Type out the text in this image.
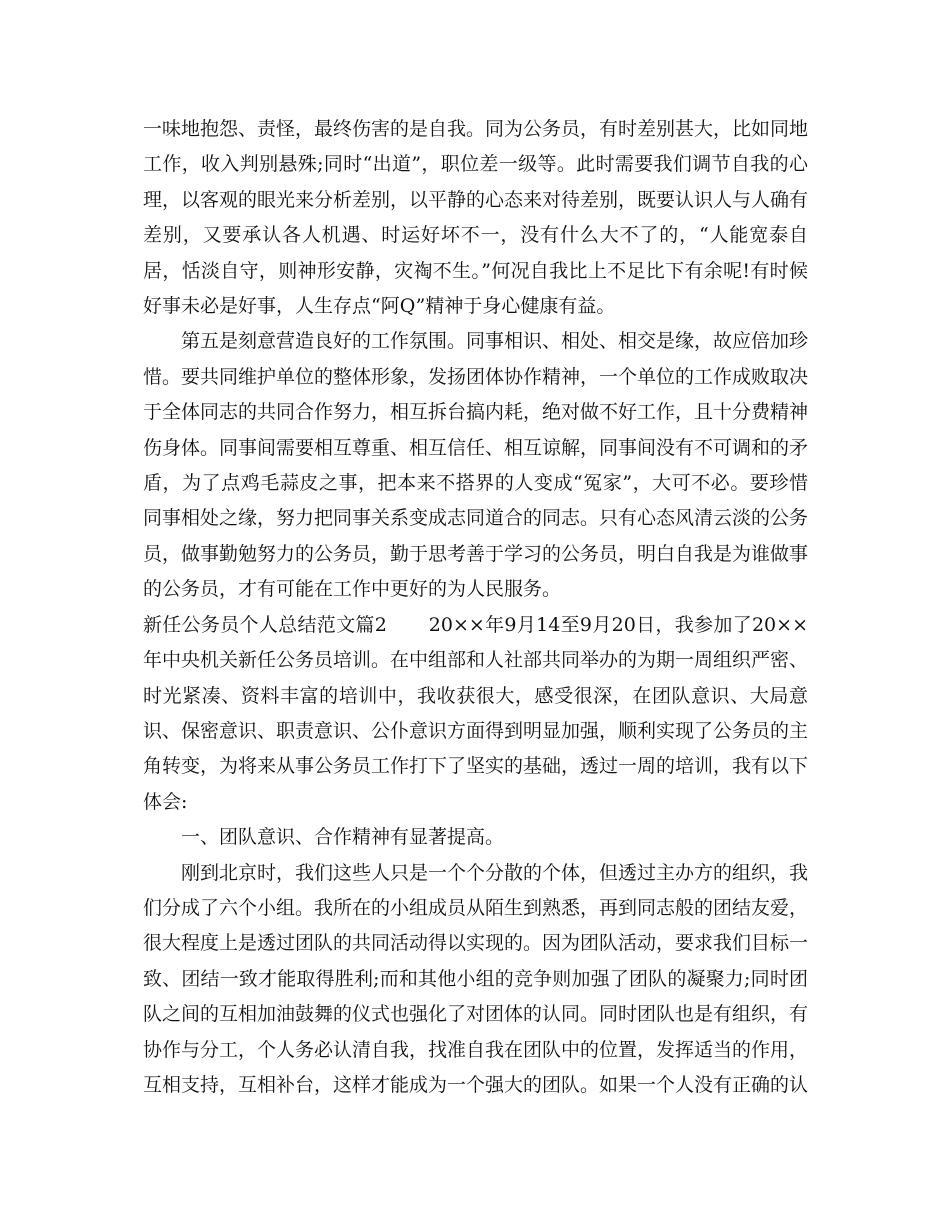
一味地抱怨、责怪，最终伤害的是自我。同为公务员，有时差别甚大，比如同地工作，收入判别悬殊;同时“出道”，职位差一级等。此时需要我们调节自我的心理，以客观的眼光来分析差别，以平静的心态来对待差别，既要认识人与人确有差别，又要承认各人机遇、时运好坏不一，没有什么大不了的，“人能宽泰自居，恬淡自守，则神形安静，灾祹不生。”何况自我比上不足比下有余呢!有时候好事未必是好事，人生存点“阿Q”精神于身心健康有益。

第五是刻意营造良好的工作氛围。同事相识、相处、相交是缘，故应倍加珍惜。要共同维护单位的整体形象，发扬团体协作精神，一个单位的工作成败取决于全体同志的共同合作努力，相互拆台搞内耗，绝对做不好工作，且十分费精神伤身体。同事间需要相互尊重、相互信任、相互谅解，同事间没有不可调和的矛盾，为了点鸡毛蒜皮之事，把本来不搭界的人变成“冤家”，大可不必。要珍惜同事相处之缘，努力把同事关系变成志同道合的同志。只有心态风清云淡的公务员，做事勤勉努力的公务员，勤于思考善于学习的公务员，明白自我是为谁做事的公务员，才有可能在工作中更好的为人民服务。

新任公务员个人总结范文篇2 20××年9月14至9月20日，我参加了20××年中央机关新任公务员培训。在中组部和人社部共同举办的为期一周组织严密、时光紧凑、资料丰富的培训中，我收获很大，感受很深，在团队意识、大局意识、保密意识、职责意识、公仆意识方面得到明显加强，顺利实现了公务员的主角转变，为将来从事公务员工作打下了坚实的基础，透过一周的培训，我有以下体会:

一、团队意识、合作精神有显著提高。

刚到北京时，我们这些人只是一个个分散的个体，但透过主办方的组织，我们分成了六个小组。我所在的小组成员从陌生到熟悉，再到同志般的团结友爱，很大程度上是透过团队的共同活动得以实现的。因为团队活动，要求我们目标一致、团结一致才能取得胜利;而和其他小组的竞争则加强了团队的凝聚力;同时团队之间的互相加油鼓舞的仪式也强化了对团体的认同。同时团队也是有组织，有协作与分工，个人务必认清自我，找准自我在团队中的位置，发挥适当的作用，互相支持，互相补台，这样才能成为一个强大的团队。如果一个人没有正确的认
